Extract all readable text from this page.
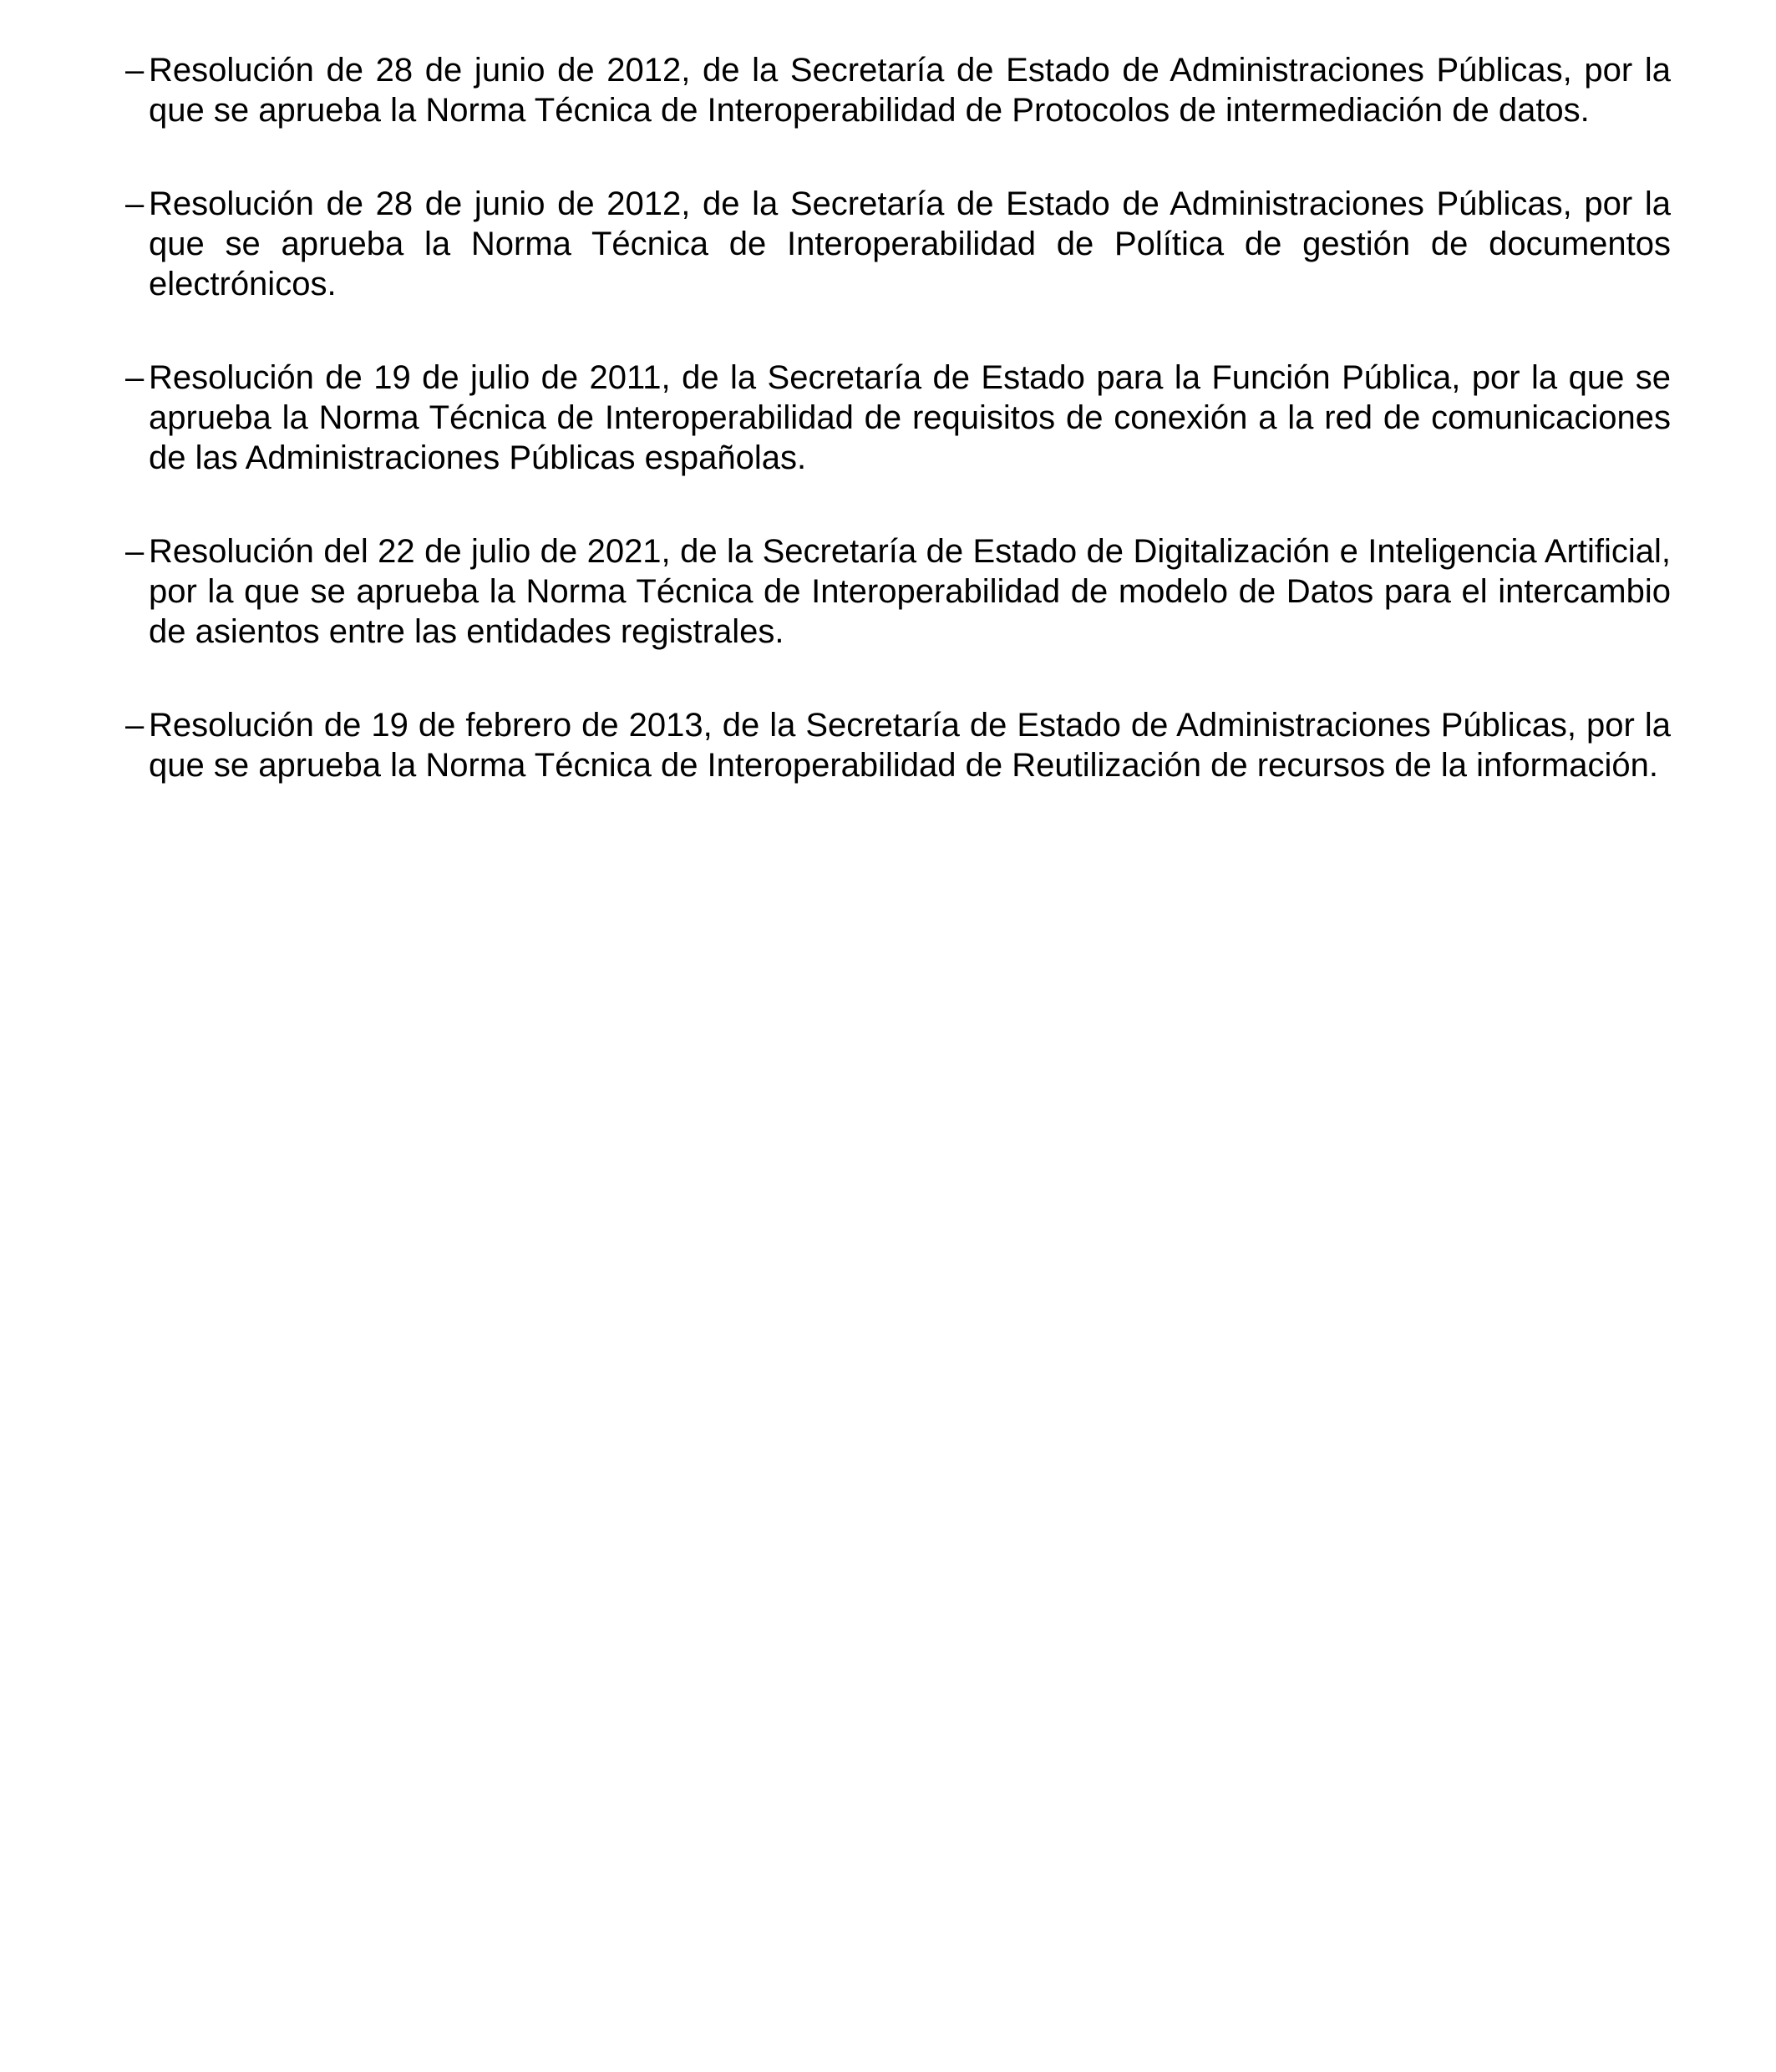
– Resolución de 28 de junio de 2012, de la Secretaría de Estado de Administraciones Públicas, por la que se aprueba la Norma Técnica de Interoperabilidad de Protocolos de intermediación de datos.
– Resolución de 28 de junio de 2012, de la Secretaría de Estado de Administraciones Públicas, por la que se aprueba la Norma Técnica de Interoperabilidad de Política de gestión de documentos electrónicos.
– Resolución de 19 de julio de 2011, de la Secretaría de Estado para la Función Pública, por la que se aprueba la Norma Técnica de Interoperabilidad de requisitos de conexión a la red de comunicaciones de las Administraciones Públicas españolas.
– Resolución del 22 de julio de 2021, de la Secretaría de Estado de Digitalización e Inteligencia Artificial, por la que se aprueba la Norma Técnica de Interoperabilidad de modelo de Datos para el intercambio de asientos entre las entidades registrales.
– Resolución de 19 de febrero de 2013, de la Secretaría de Estado de Administraciones Públicas, por la que se aprueba la Norma Técnica de Interoperabilidad de Reutilización de recursos de la información.
